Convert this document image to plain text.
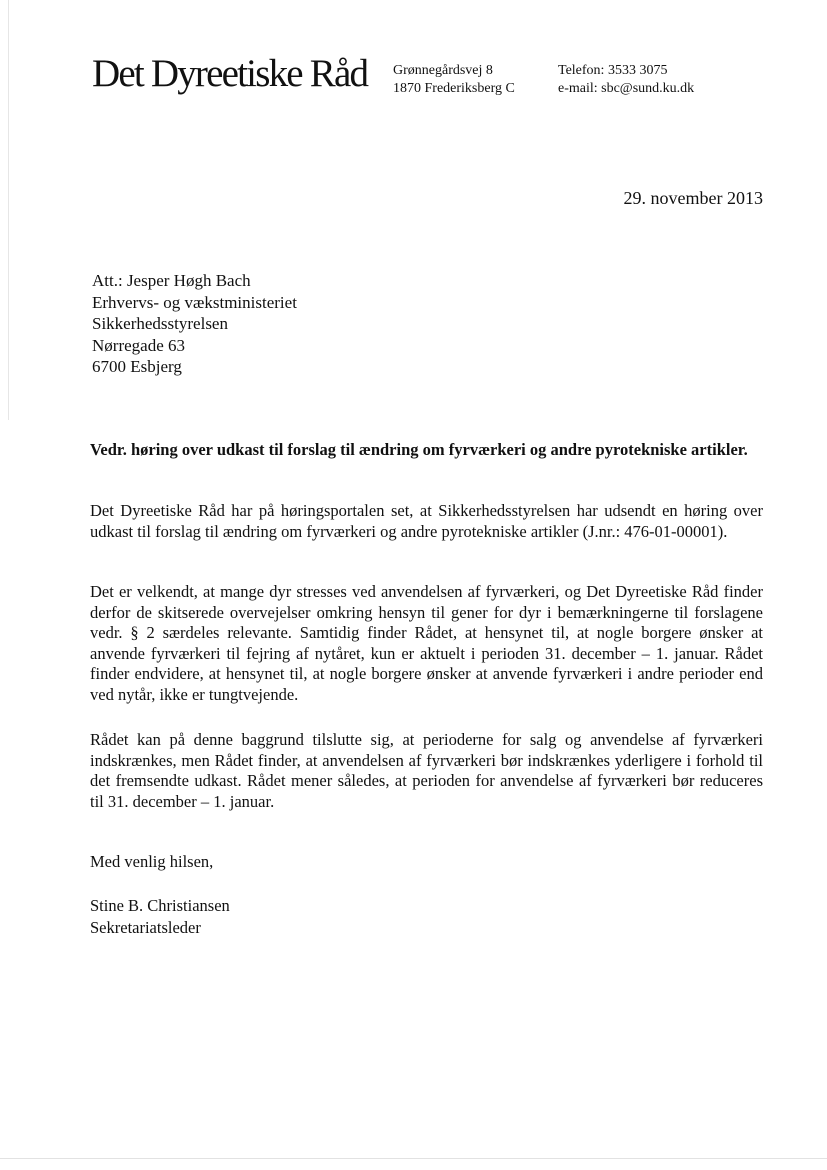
Det Dyreetiske Råd Grønnegårdsvej 8
1870 Frederiksberg C
Telefon: 3533 3075
e-mail: sbc@sund.ku.dk
29. november 2013
Att.: Jesper Høgh Bach
Erhvervs- og vækstministeriet
Sikkerhedsstyrelsen
Nørregade 63
6700 Esbjerg
Vedr. høring over udkast til forslag til ændring om fyrværkeri og andre pyrotekniske artikler.
Det Dyreetiske Råd har på høringsportalen set, at Sikkerhedsstyrelsen har udsendt en høring over udkast til forslag til ændring om fyrværkeri og andre pyrotekniske artikler (J.nr.: 476-01-00001).
Det er velkendt, at mange dyr stresses ved anvendelsen af fyrværkeri, og Det Dyreetiske Råd finder derfor de skitserede overvejelser omkring hensyn til gener for dyr i bemærkningerne til forslagene vedr. § 2 særdeles relevante. Samtidig finder Rådet, at hensynet til, at nogle borgere ønsker at anvende fyrværkeri til fejring af nytåret, kun er aktuelt i perioden 31. december – 1. januar. Rådet finder endvidere, at hensynet til, at nogle borgere ønsker at anvende fyrværkeri i andre perioder end ved nytår, ikke er tungtvejende.
Rådet kan på denne baggrund tilslutte sig, at perioderne for salg og anvendelse af fyrværkeri indskrænkes, men Rådet finder, at anvendelsen af fyrværkeri bør indskrænkes yderligere i forhold til det fremsendte udkast. Rådet mener således, at perioden for anvendelse af fyrværkeri bør reduceres til 31. december – 1. januar.
Med venlig hilsen,
Stine B. Christiansen
Sekretariatsleder
